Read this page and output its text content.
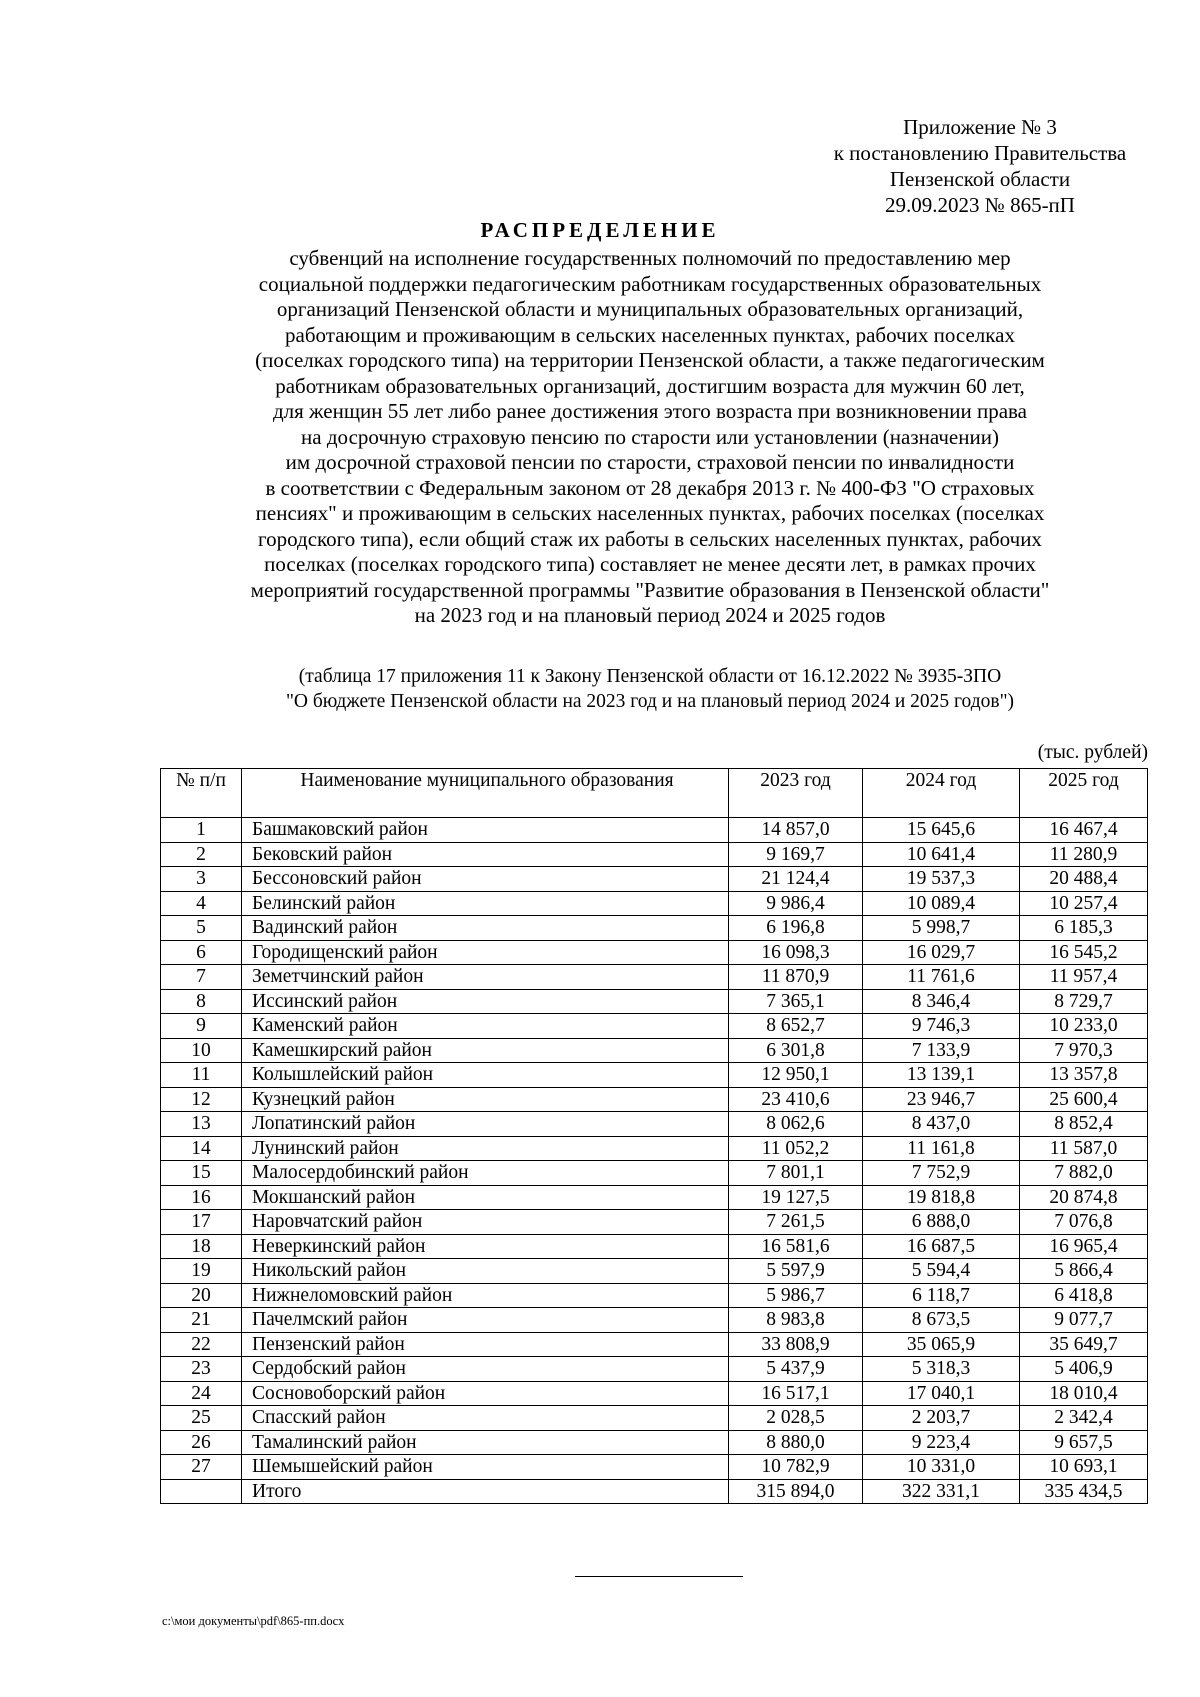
Приложение № 3
к постановлению Правительства
Пензенской области
29.09.2023 № 865-пП
РАСПРЕДЕЛЕНИЕ
субвенций на исполнение государственных полномочий по предоставлению мер
социальной поддержки педагогическим работникам государственных образовательных
организаций Пензенской области и муниципальных образовательных организаций,
работающим и проживающим в сельских населенных пунктах, рабочих поселках
(поселках городского типа) на территории Пензенской области, а также педагогическим
работникам образовательных организаций, достигшим возраста для мужчин 60 лет,
для женщин 55 лет либо ранее достижения этого возраста при возникновении права
на досрочную страховую пенсию по старости или установлении (назначении)
им досрочной страховой пенсии по старости, страховой пенсии по инвалидности
в соответствии с Федеральным законом от 28 декабря 2013 г. № 400-ФЗ "О страховых
пенсиях" и проживающим в сельских населенных пунктах, рабочих поселках (поселках
городского типа), если общий стаж их работы в сельских населенных пунктах, рабочих
поселках (поселках городского типа) составляет не менее десяти лет, в рамках прочих
мероприятий государственной программы "Развитие образования в Пензенской области"
на 2023 год и на плановый период 2024 и 2025 годов
(таблица 17 приложения 11 к Закону Пензенской области от 16.12.2022 № 3935-ЗПО
"О бюджете Пензенской области на 2023 год и на плановый период 2024 и 2025 годов")
(тыс. рублей)
№ п/п	Наименование муниципального образования	2023 год	2024 год	2025 год
1	Башмаковский район	14 857,0	15 645,6	16 467,4
2	Бековский район	9 169,7	10 641,4	11 280,9
3	Бессоновский район	21 124,4	19 537,3	20 488,4
4	Белинский район	9 986,4	10 089,4	10 257,4
5	Вадинский район	6 196,8	5 998,7	6 185,3
6	Городищенский район	16 098,3	16 029,7	16 545,2
7	Земетчинский район	11 870,9	11 761,6	11 957,4
8	Иссинский район	7 365,1	8 346,4	8 729,7
9	Каменский район	8 652,7	9 746,3	10 233,0
10	Камешкирский район	6 301,8	7 133,9	7 970,3
11	Колышлейский район	12 950,1	13 139,1	13 357,8
12	Кузнецкий район	23 410,6	23 946,7	25 600,4
13	Лопатинский район	8 062,6	8 437,0	8 852,4
14	Лунинский район	11 052,2	11 161,8	11 587,0
15	Малосердобинский район	7 801,1	7 752,9	7 882,0
16	Мокшанский район	19 127,5	19 818,8	20 874,8
17	Наровчатский район	7 261,5	6 888,0	7 076,8
18	Неверкинский район	16 581,6	16 687,5	16 965,4
19	Никольский район	5 597,9	5 594,4	5 866,4
20	Нижнеломовский район	5 986,7	6 118,7	6 418,8
21	Пачелмский район	8 983,8	8 673,5	9 077,7
22	Пензенский район	33 808,9	35 065,9	35 649,7
23	Сердобский район	5 437,9	5 318,3	5 406,9
24	Сосновоборский район	16 517,1	17 040,1	18 010,4
25	Спасский район	2 028,5	2 203,7	2 342,4
26	Тамалинский район	8 880,0	9 223,4	9 657,5
27	Шемышейский район	10 782,9	10 331,0	10 693,1
	Итого	315 894,0	322 331,1	335 434,5
c:\мои документы\pdf\865-пп.docx
